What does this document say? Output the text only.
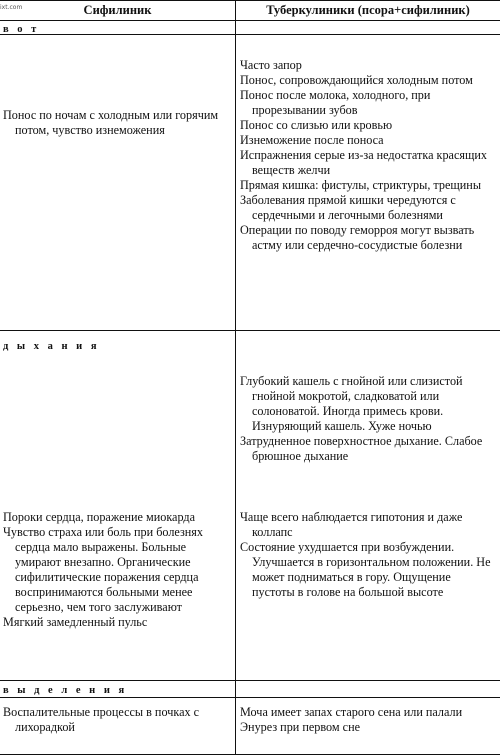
ixt.com	Сифилиник	Туберкулиники (псора+сифилиник)
в о т

Понос по ночам с холодным или горячим потом, чувство изнеможения

Часто запор

Понос, сопровождающийся холодным потом

Понос после молока, холодного, при прорезывании зубов

Понос со слизью или кровью

Изнеможение после поноса

Испражнения серые из-за недостатка красящих веществ желчи

Прямая кишка: фистулы, стриктуры, трещины

Заболевания прямой кишки чередуются с сердечными и легочными болезнями

Операции по поводу геморроя могут вызвать астму или сердечно-сосудистые болезни

д ы х а н и я

Глубокий кашель с гнойной или слизистой гнойной мокротой, сладковатой или солоноватой. Иногда примесь крови. Изнуряющий кашель. Хуже ночью

Затрудненное поверхностное дыхание. Слабое брюшное дыхание

Пороки сердца, поражение миокарда

Чувство страха или боль при болезнях сердца мало выражены. Больные умирают внезапно. Органические сифилитические поражения сердца воспринимаются больными менее серьезно, чем того заслуживают

Мягкий замедленный пульс

Чаще всего наблюдается гипотония и даже коллапс

Состояние ухудшается при возбуждении. Улучшается в горизонтальном положении. Не может подниматься в гору. Ощущение пустоты в голове на большой высоте

в ы д е л е н и я

Воспалительные процессы в почках с лихорадкой

Моча имеет запах старого сена или палали

Энурез при первом сне
